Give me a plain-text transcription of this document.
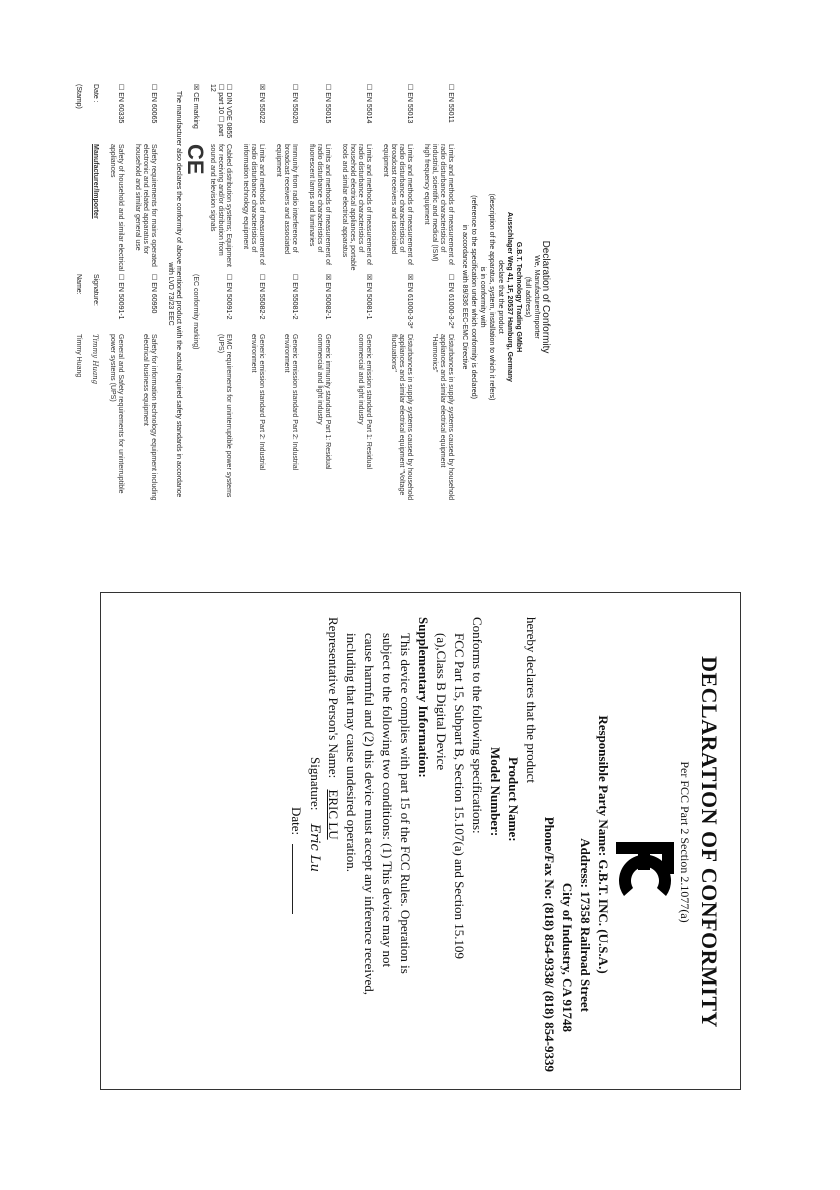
Declaration of Conformity
We, Manufacturer/Importer
(full address)
G.B.T. Technology Trading GMbH
Ausschlager Weg 41, 1F, 20537 Hamburg, Germany
declare that the product
(description of the apparatus, system, installation to which it refers)
is in conformity with
(reference to the specification under which conformity is declared)
in accordance with 89/336 EEC-EMC Directive
☐ EN 55011
Limits and methods of measurement of radio disturbance characteristics of industrial, scientific and medical (ISM) high frequency equipment
☐ EN 61000-3-2*
Disturbances in supply systems caused by household appliances and similar electrical equipment "Harmonics"
☐ EN 55013
Limits and methods of measurement of radio disturbance characteristics of broadcast receivers and associated equipment
☒ EN 61000-3-3*
Disturbances in supply systems caused by household appliances and similar electrical equipment "Voltage fluctuations"
☐ EN 55014
Limits and methods of measurement of radio disturbance characteristics of household electrical appliances, portable tools and similar electrical apparatus
☒ EN 50081-1
Generic emission standard Part 1: Residual commercial and light industry
☐ EN 55015
Limits and methods of measurement of radio disturbance characteristics of fluorescent lamps and luminaries
☒ EN 50082-1
Generic immunity standard Part 1: Residual commercial and light industry
☐ EN 55020
Immunity from radio interference of broadcast receivers and associated equipment
☐ EN 55081-2
Generic emission standard Part 2: Industrial environment
☒ EN 55022
Limits and methods of measurement of radio disturbance characteristics of information technology equipment
☐ EN 55082-2
Generic emission standard Part 2: Industrial environment
☐ DIN VDE 0855 ☐ part 10 ☐ part 12
Cabled distribution systems; Equipment for receiving and/or distribution from sound and television signals
☐ EN 50091-2
EMC requirements for uninterruptible power systems (UPS)
☒ CE marking
CE
(EC conformity marking)
The manufacturer also declares the conformity of above mentioned product with the actual required safety standards in accordance with LVD 73/23 EEC
☐ EN 60065
Safety requirements for mains operated electronic and related apparatus for household and similar general use
☐ EN 60950
Safety for information technology equipment including electrical business equipment
☐ EN 60335
Safety of household and similar electrical appliances
☐ EN 50091-1
General and Safety requirements for uninterruptible power systems (UPS)
Date :
Manufacturer/Importer
Signature:
Timmy Huang
(Stamp)
Name:
Timmy Huang
DECLARATION OF CONFORMITY
Per FCC Part 2 Section 2.1077(a)
Responsible Party Name: G.B.T. INC. (U.S.A.)
Address: 17358 Railroad Street
City of Industry, CA 91748
Phone/Fax No: (818) 854-9338/ (818) 854-9339
hereby declares that the product
Product Name:
Model Number:
Conforms to the following specifications:
FCC Part 15, Subpart B, Section 15.107(a) and Section 15.109
(a),Class B Digital Device
Supplementary Information:
This device complies with part 15 of the FCC Rules. Operation is
subject to the following two conditions: (1) This device may not
cause harmful and (2) this device must accept any inference received,
including that may cause undesired operation.
Representative Person's Name: ERIC LU
Signature: Eric Lu
Date:
